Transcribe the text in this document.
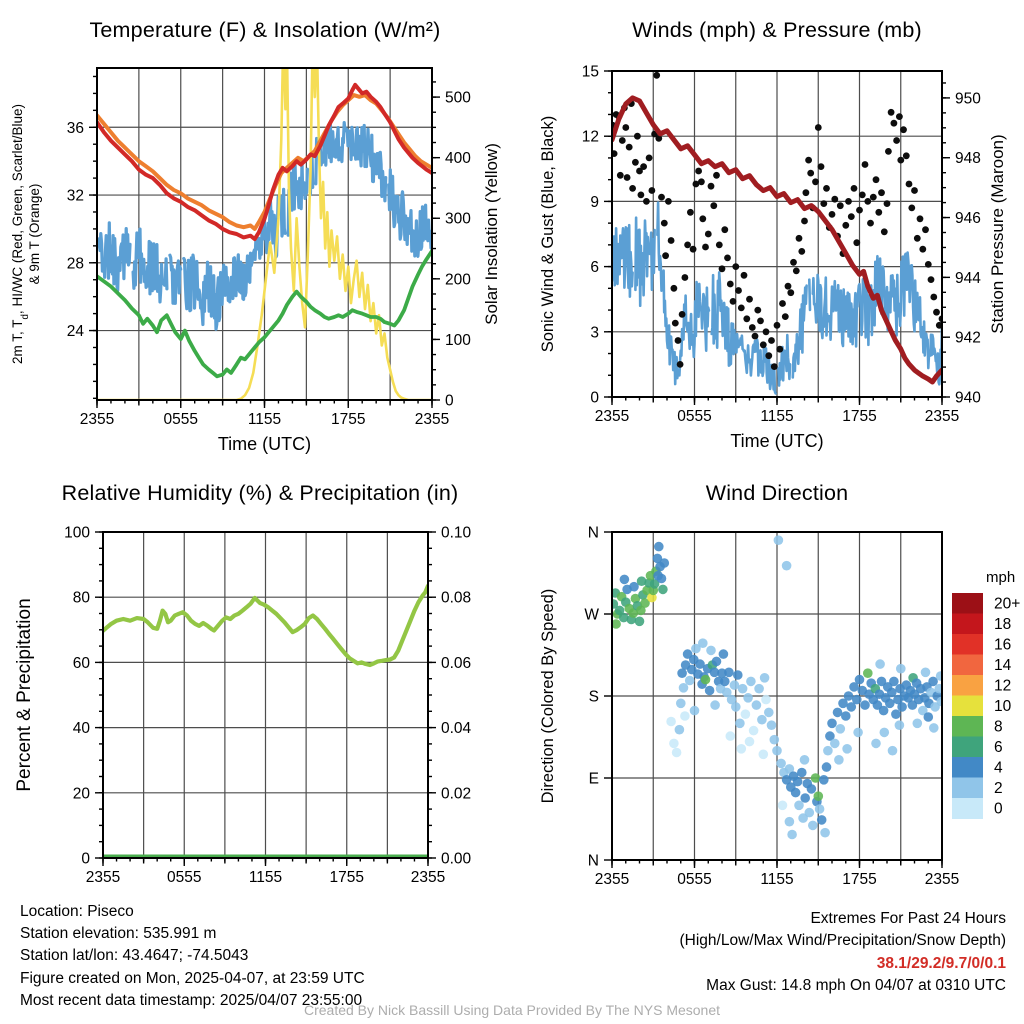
2355	0555	1155	1755	2355
Time (UTC)
24
28
32
36
0
100
200
300
400
500
2m T, $T_d$, HI/WC (Red, Green, Scarlet/Blue) & 9m T (Orange)	Solar Insolation (Yellow)
2355	0555	1155	1755	2355
Time (UTC)
0
3
6
9
12
15
940
942
944
946
948
950
Sonic Wind & Gust (Blue, Black)	Station Pressure (Maroon)
2355	0555	1155	1755	2355
0
20
40
60
80
100
0.00
0.02
0.04
0.06
0.08
0.10
Percent & Precipitation
2355	0555	1155	1755	2355
N
E
S
W
N
Direction (Colored By Speed)
mph
20+
18
16
14
12
10
8
6
4
2
0
Temperature (F) & Insolation (W/m²)	Winds (mph) & Pressure (mb)
Relative Humidity (%) & Precipitation (in)	Wind Direction
Location: Piseco
Station elevation: 535.991 m
Station lat/lon: 43.4647; -74.5043
Figure created on Mon, 2025-04-07, at 23:59 UTC
Most recent data timestamp: 2025/04/07 23:55:00
Extremes For Past 24 Hours
(High/Low/Max Wind/Precipitation/Snow Depth)
38.1/29.2/9.7/0/0.1
Max Gust: 14.8 mph On 04/07 at 0310 UTC
Created By Nick Bassill Using Data Provided By The NYS Mesonet
